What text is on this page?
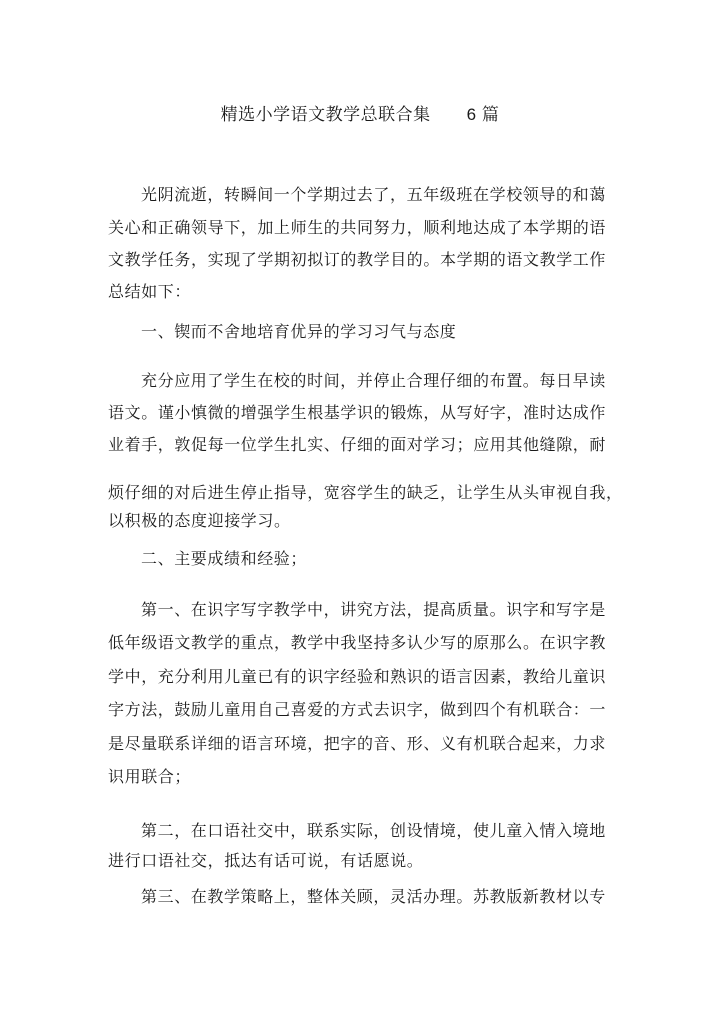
精选小学语文教学总联合集 6 篇
光阴流逝，转瞬间一个学期过去了，五年级班在学校领导的和蔼
关心和正确领导下，加上师生的共同努力，顺利地达成了本学期的语
文教学任务，实现了学期初拟订的教学目的。本学期的语文教学工作
总结如下：
一、锲而不舍地培育优异的学习习气与态度
充分应用了学生在校的时间，并停止合理仔细的布置。每日早读
语文。谨小慎微的增强学生根基学识的锻炼，从写好字，准时达成作
业着手，敦促每一位学生扎实、仔细的面对学习；应用其他缝隙，耐
烦仔细的对后进生停止指导，宽容学生的缺乏，让学生从头审视自我，
以积极的态度迎接学习。
二、主要成绩和经验；
第一、在识字写字教学中，讲究方法，提高质量。识字和写字是
低年级语文教学的重点，教学中我坚持多认少写的原那么。在识字教
学中，充分利用儿童已有的识字经验和熟识的语言因素，教给儿童识
字方法，鼓励儿童用自己喜爱的方式去识字，做到四个有机联合：一
是尽量联系详细的语言环境，把字的音、形、义有机联合起来，力求
识用联合；
第二，在口语社交中，联系实际，创设情境，使儿童入情入境地
进行口语社交，抵达有话可说，有话愿说。
第三、在教学策略上，整体关顾，灵活办理。苏教版新教材以专
